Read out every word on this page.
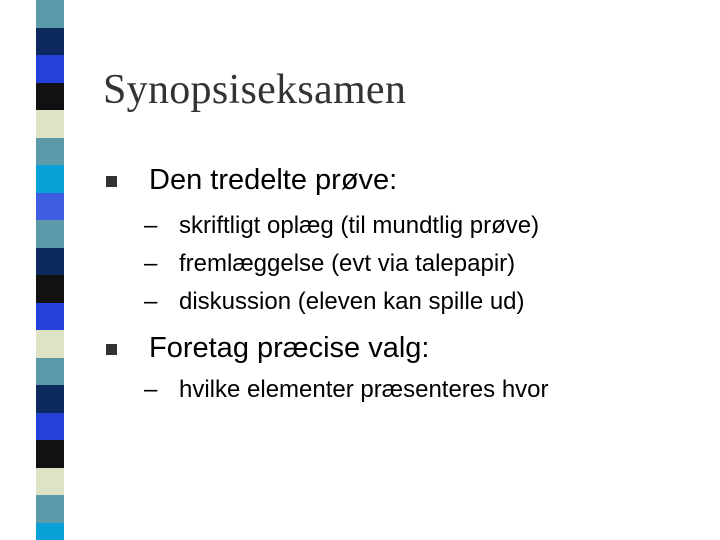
Synopsiseksamen
Den tredelte prøve:
– skriftligt oplæg (til mundtlig prøve)
– fremlæggelse (evt via talepapir)
– diskussion (eleven kan spille ud)
Foretag præcise valg:
– hvilke elementer præsenteres hvor
